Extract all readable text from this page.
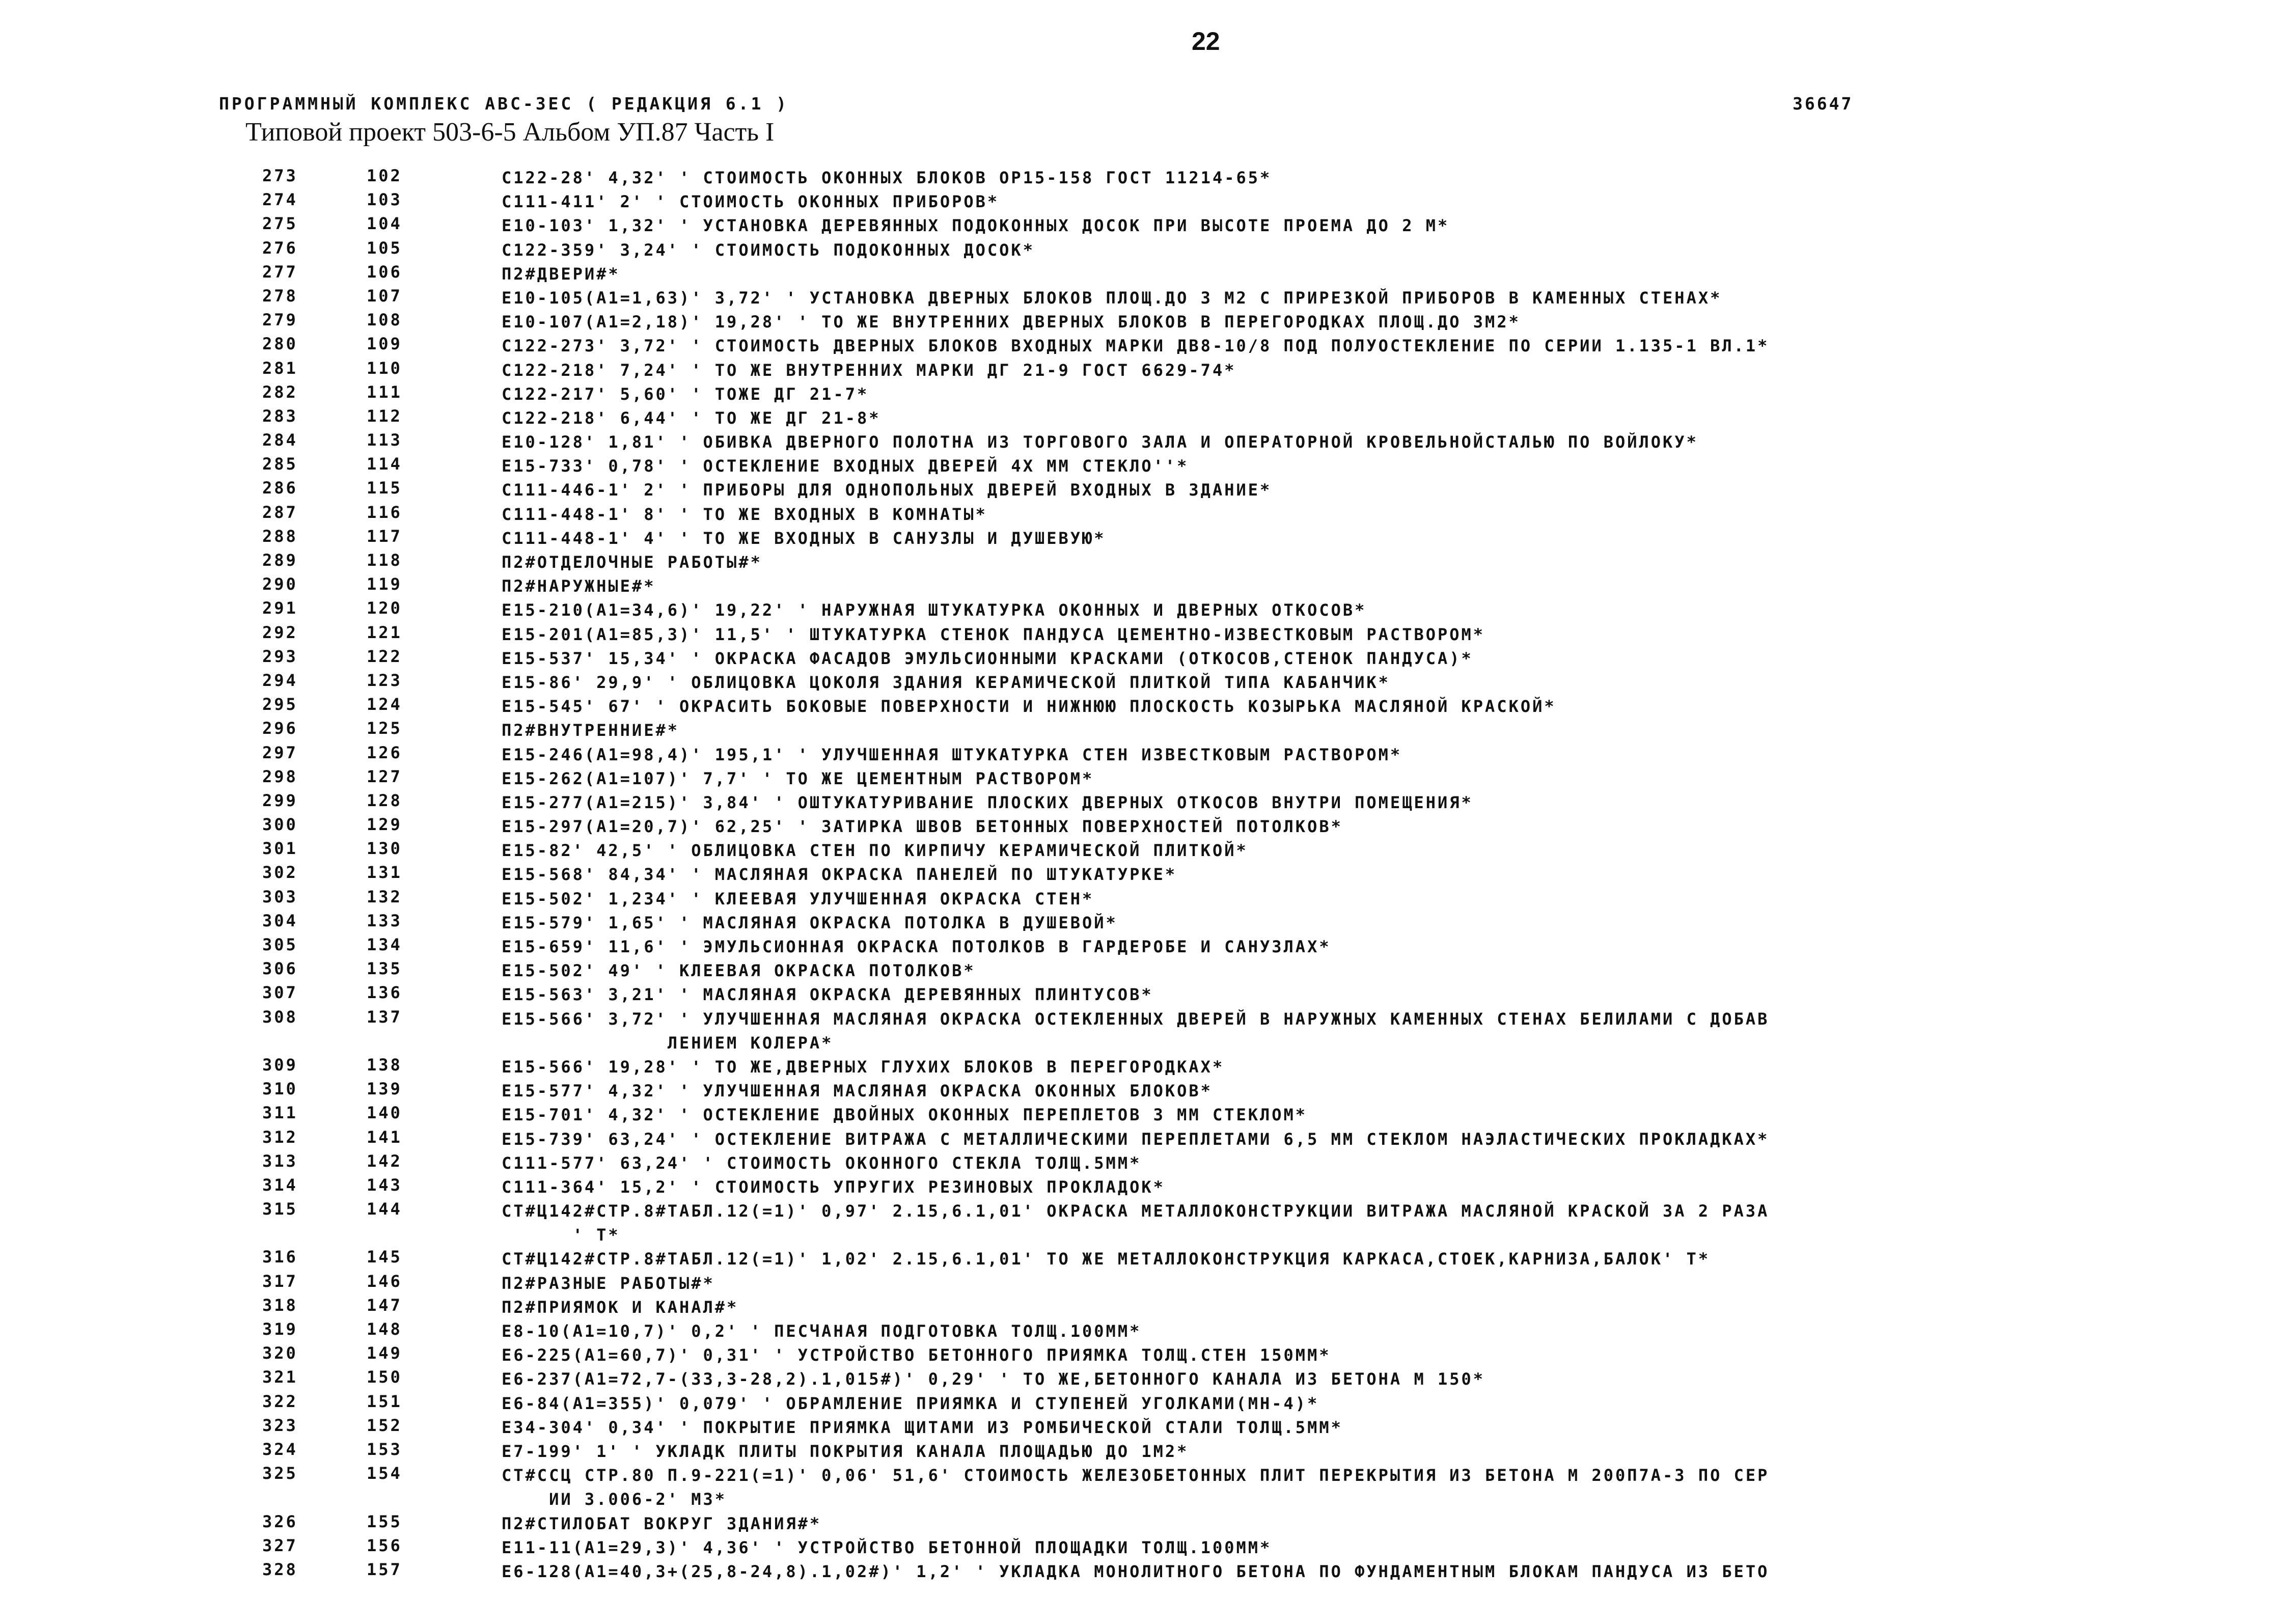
22
ПРОГРАММНЫЙ КОМПЛЕКС АВС-ЗЕС ( РЕДАКЦИЯ 6.1 )	36647
Типовой проект 503-6-5 Альбом УП.87 Часть I
273	102	С122-28' 4,32' ' СТОИМОСТЬ ОКОННЫХ БЛОКОВ ОР15-158 ГОСТ 11214-65*
274	103	С111-411' 2' ' СТОИМОСТЬ ОКОННЫХ ПРИБОРОВ*
275	104	Е10-103' 1,32' ' УСТАНОВКА ДЕРЕВЯННЫХ ПОДОКОННЫХ ДОСОК ПРИ ВЫСОТЕ ПРОЕМА ДО 2 М*
276	105	С122-359' 3,24' ' СТОИМОСТЬ ПОДОКОННЫХ ДОСОК*
277	106	П2#ДВЕРИ#*
278	107	Е10-105(А1=1,63)' 3,72' ' УСТАНОВКА ДВЕРНЫХ БЛОКОВ ПЛОЩ.ДО 3 М2 С ПРИРЕЗКОЙ ПРИБОРОВ В КАМЕННЫХ СТЕНАХ*
279	108	Е10-107(А1=2,18)' 19,28' ' ТО ЖЕ ВНУТРЕННИХ ДВЕРНЫХ БЛОКОВ В ПЕРЕГОРОДКАХ ПЛОЩ.ДО 3М2*
280	109	С122-273' 3,72' ' СТОИМОСТЬ ДВЕРНЫХ БЛОКОВ ВХОДНЫХ МАРКИ ДВ8-10/8 ПОД ПОЛУОСТЕКЛЕНИЕ ПО СЕРИИ 1.135-1 ВЛ.1*
281	110	С122-218' 7,24' ' ТО ЖЕ ВНУТРЕННИХ МАРКИ ДГ 21-9 ГОСТ 6629-74*
282	111	С122-217' 5,60' ' ТОЖЕ ДГ 21-7*
283	112	С122-218' 6,44' ' ТО ЖЕ ДГ 21-8*
284	113	Е10-128' 1,81' ' ОБИВКА ДВЕРНОГО ПОЛОТНА ИЗ ТОРГОВОГО ЗАЛА И ОПЕРАТОРНОЙ КРОВЕЛЬНОЙСТАЛЬЮ ПО ВОЙЛОКУ*
285	114	Е15-733' 0,78' ' ОСТЕКЛЕНИЕ ВХОДНЫХ ДВЕРЕЙ 4Х ММ СТЕКЛО''*
286	115	С111-446-1' 2' ' ПРИБОРЫ ДЛЯ ОДНОПОЛЬНЫХ ДВЕРЕЙ ВХОДНЫХ В ЗДАНИЕ*
287	116	С111-448-1' 8' ' ТО ЖЕ ВХОДНЫХ В КОМНАТЫ*
288	117	С111-448-1' 4' ' ТО ЖЕ ВХОДНЫХ В САНУЗЛЫ И ДУШЕВУЮ*
289	118	П2#ОТДЕЛОЧНЫЕ РАБОТЫ#*
290	119	П2#НАРУЖНЫЕ#*
291	120	Е15-210(А1=34,6)' 19,22' ' НАРУЖНАЯ ШТУКАТУРКА ОКОННЫХ И ДВЕРНЫХ ОТКОСОВ*
292	121	Е15-201(А1=85,3)' 11,5' ' ШТУКАТУРКА СТЕНОК ПАНДУСА ЦЕМЕНТНО-ИЗВЕСТКОВЫМ РАСТВОРОМ*
293	122	Е15-537' 15,34' ' ОКРАСКА ФАСАДОВ ЭМУЛЬСИОННЫМИ КРАСКАМИ (ОТКОСОВ,СТЕНОК ПАНДУСА)*
294	123	Е15-86' 29,9' ' ОБЛИЦОВКА ЦОКОЛЯ ЗДАНИЯ КЕРАМИЧЕСКОЙ ПЛИТКОЙ ТИПА КАБАНЧИК*
295	124	Е15-545' 67' ' ОКРАСИТЬ БОКОВЫЕ ПОВЕРХНОСТИ И НИЖНЮЮ ПЛОСКОСТЬ КОЗЫРЬКА МАСЛЯНОЙ КРАСКОЙ*
296	125	П2#ВНУТРЕННИЕ#*
297	126	Е15-246(А1=98,4)' 195,1' ' УЛУЧШЕННАЯ ШТУКАТУРКА СТЕН ИЗВЕСТКОВЫМ РАСТВОРОМ*
298	127	Е15-262(А1=107)' 7,7' ' ТО ЖЕ ЦЕМЕНТНЫМ РАСТВОРОМ*
299	128	Е15-277(А1=215)' 3,84' ' ОШТУКАТУРИВАНИЕ ПЛОСКИХ ДВЕРНЫХ ОТКОСОВ ВНУТРИ ПОМЕЩЕНИЯ*
300	129	Е15-297(А1=20,7)' 62,25' ' ЗАТИРКА ШВОВ БЕТОННЫХ ПОВЕРХНОСТЕЙ ПОТОЛКОВ*
301	130	Е15-82' 42,5' ' ОБЛИЦОВКА СТЕН ПО КИРПИЧУ КЕРАМИЧЕСКОЙ ПЛИТКОЙ*
302	131	Е15-568' 84,34' ' МАСЛЯНАЯ ОКРАСКА ПАНЕЛЕЙ ПО ШТУКАТУРКЕ*
303	132	Е15-502' 1,234' ' КЛЕЕВАЯ УЛУЧШЕННАЯ ОКРАСКА СТЕН*
304	133	Е15-579' 1,65' ' МАСЛЯНАЯ ОКРАСКА ПОТОЛКА В ДУШЕВОЙ*
305	134	Е15-659' 11,6' ' ЭМУЛЬСИОННАЯ ОКРАСКА ПОТОЛКОВ В ГАРДЕРОБЕ И САНУЗЛАХ*
306	135	Е15-502' 49' ' КЛЕЕВАЯ ОКРАСКА ПОТОЛКОВ*
307	136	Е15-563' 3,21' ' МАСЛЯНАЯ ОКРАСКА ДЕРЕВЯННЫХ ПЛИНТУСОВ*
308	137	Е15-566' 3,72' ' УЛУЧШЕННАЯ МАСЛЯНАЯ ОКРАСКА ОСТЕКЛЕННЫХ ДВЕРЕЙ В НАРУЖНЫХ КАМЕННЫХ СТЕНАХ БЕЛИЛАМИ С ДОБАВ
ЛЕНИЕМ КОЛЕРА*
309	138	Е15-566' 19,28' ' ТО ЖЕ,ДВЕРНЫХ ГЛУХИХ БЛОКОВ В ПЕРЕГОРОДКАХ*
310	139	Е15-577' 4,32' ' УЛУЧШЕННАЯ МАСЛЯНАЯ ОКРАСКА ОКОННЫХ БЛОКОВ*
311	140	Е15-701' 4,32' ' ОСТЕКЛЕНИЕ ДВОЙНЫХ ОКОННЫХ ПЕРЕПЛЕТОВ 3 ММ СТЕКЛОМ*
312	141	Е15-739' 63,24' ' ОСТЕКЛЕНИЕ ВИТРАЖА С МЕТАЛЛИЧЕСКИМИ ПЕРЕПЛЕТАМИ 6,5 ММ СТЕКЛОМ НАЭЛАСТИЧЕСКИХ ПРОКЛАДКАХ*
313	142	С111-577' 63,24' ' СТОИМОСТЬ ОКОННОГО СТЕКЛА ТОЛЩ.5ММ*
314	143	С111-364' 15,2' ' СТОИМОСТЬ УПРУГИХ РЕЗИНОВЫХ ПРОКЛАДОК*
315	144	СТ#Ц142#СТР.8#ТАБЛ.12(=1)' 0,97' 2.15,6.1,01' ОКРАСКА МЕТАЛЛОКОНСТРУКЦИИ ВИТРАЖА МАСЛЯНОЙ КРАСКОЙ ЗА 2 РАЗА
' Т*
316	145	СТ#Ц142#СТР.8#ТАБЛ.12(=1)' 1,02' 2.15,6.1,01' ТО ЖЕ МЕТАЛЛОКОНСТРУКЦИЯ КАРКАСА,СТОЕК,КАРНИЗА,БАЛОК' Т*
317	146	П2#РАЗНЫЕ РАБОТЫ#*
318	147	П2#ПРИЯМОК И КАНАЛ#*
319	148	Е8-10(А1=10,7)' 0,2' ' ПЕСЧАНАЯ ПОДГОТОВКА ТОЛЩ.100ММ*
320	149	Е6-225(А1=60,7)' 0,31' ' УСТРОЙСТВО БЕТОННОГО ПРИЯМКА ТОЛЩ.СТЕН 150ММ*
321	150	Е6-237(А1=72,7-(33,3-28,2).1,015#)' 0,29' ' ТО ЖЕ,БЕТОННОГО КАНАЛА ИЗ БЕТОНА М 150*
322	151	Е6-84(А1=355)' 0,079' ' ОБРАМЛЕНИЕ ПРИЯМКА И СТУПЕНЕЙ УГОЛКАМИ(МН-4)*
323	152	Е34-304' 0,34' ' ПОКРЫТИЕ ПРИЯМКА ЩИТАМИ ИЗ РОМБИЧЕСКОЙ СТАЛИ ТОЛЩ.5ММ*
324	153	Е7-199' 1' ' УКЛАДК ПЛИТЫ ПОКРЫТИЯ КАНАЛА ПЛОЩАДЬЮ ДО 1М2*
325	154	СТ#ССЦ СТР.80 П.9-221(=1)' 0,06' 51,6' СТОИМОСТЬ ЖЕЛЕЗОБЕТОННЫХ ПЛИТ ПЕРЕКРЫТИЯ ИЗ БЕТОНА М 200П7А-3 ПО СЕР
ИИ 3.006-2' М3*
326	155	П2#СТИЛОБАТ ВОКРУГ ЗДАНИЯ#*
327	156	Е11-11(А1=29,3)' 4,36' ' УСТРОЙСТВО БЕТОННОЙ ПЛОЩАДКИ ТОЛЩ.100ММ*
328	157	Е6-128(А1=40,3+(25,8-24,8).1,02#)' 1,2' ' УКЛАДКА МОНОЛИТНОГО БЕТОНА ПО ФУНДАМЕНТНЫМ БЛОКАМ ПАНДУСА ИЗ БЕТО
